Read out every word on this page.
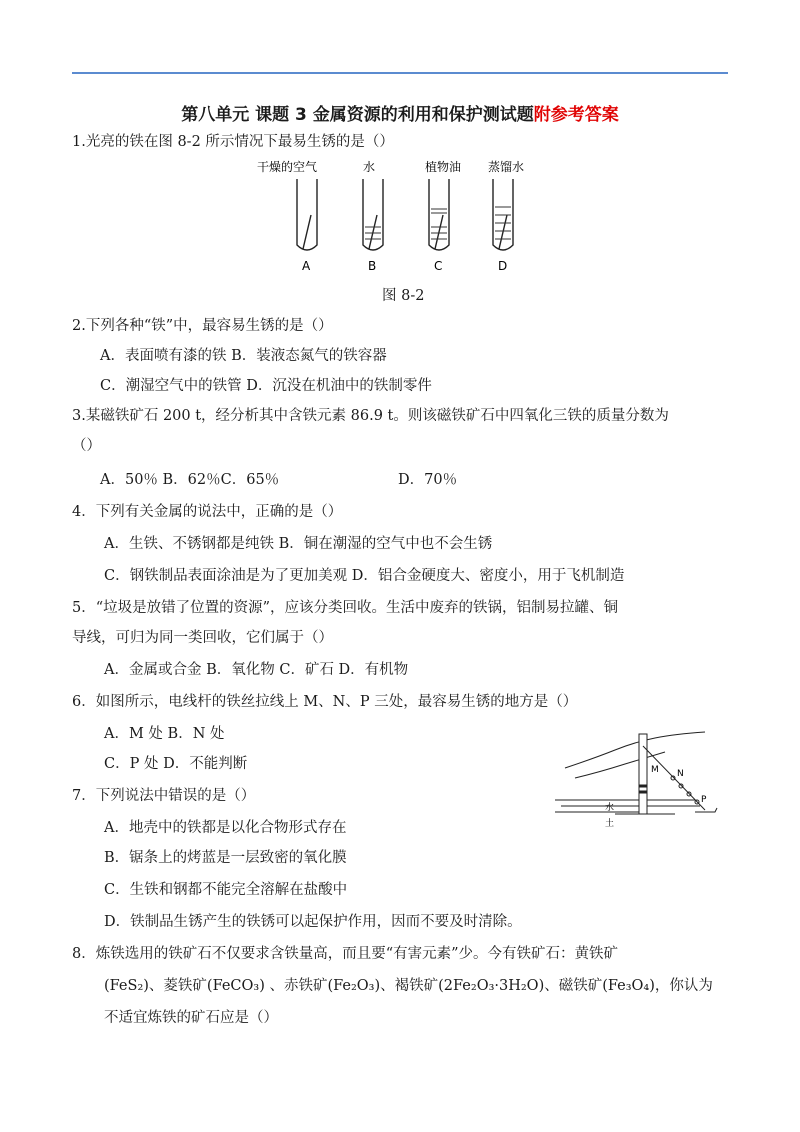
第八单元 课题 3 金属资源的利用和保护测试题附参考答案
1.光亮的铁在图 8-2 所示情况下最易生锈的是（）
干燥的空气	水	植物油 蒸馏水
A	B	C	D
图 8-2
2.下列各种“铁”中，最容易生锈的是（）
A．表面喷有漆的铁 B．装液态氮气的铁容器
C．潮湿空气中的铁管 D．沉没在机油中的铁制零件
3.某磁铁矿石 200 t，经分析其中含铁元素 86.9 t。则该磁铁矿石中四氧化三铁的质量分数为
（）
A．50％ B．62％C．65％	D．70％
4．下列有关金属的说法中，正确的是（）
A．生铁、不锈钢都是纯铁 B．铜在潮湿的空气中也不会生锈
C．钢铁制品表面涂油是为了更加美观 D．铝合金硬度大、密度小，用于飞机制造
5．“垃圾是放错了位置的资源”，应该分类回收。生活中废弃的铁锅，铝制易拉罐、铜
导线，可归为同一类回收，它们属于（）
A．金属或合金 B．氧化物 C．矿石 D．有机物
6．如图所示，电线杆的铁丝拉线上 M、N、P 三处，最容易生锈的地方是（）
A．M 处 B．N 处
C．P 处 D．不能判断	M N
P
水
土
7．下列说法中错误的是（）
A．地壳中的铁都是以化合物形式存在
B．锯条上的烤蓝是一层致密的氧化膜
C．生铁和钢都不能完全溶解在盐酸中
D．铁制品生锈产生的铁锈可以起保护作用，因而不要及时清除。
8．炼铁选用的铁矿石不仅要求含铁量高，而且要“有害元素”少。今有铁矿石：黄铁矿
(FeS₂)、菱铁矿(FeCO₃) 、赤铁矿(Fe₂O₃)、褐铁矿(2Fe₂O₃·3H₂O)、磁铁矿(Fe₃O₄)，你认为
不适宜炼铁的矿石应是（）
